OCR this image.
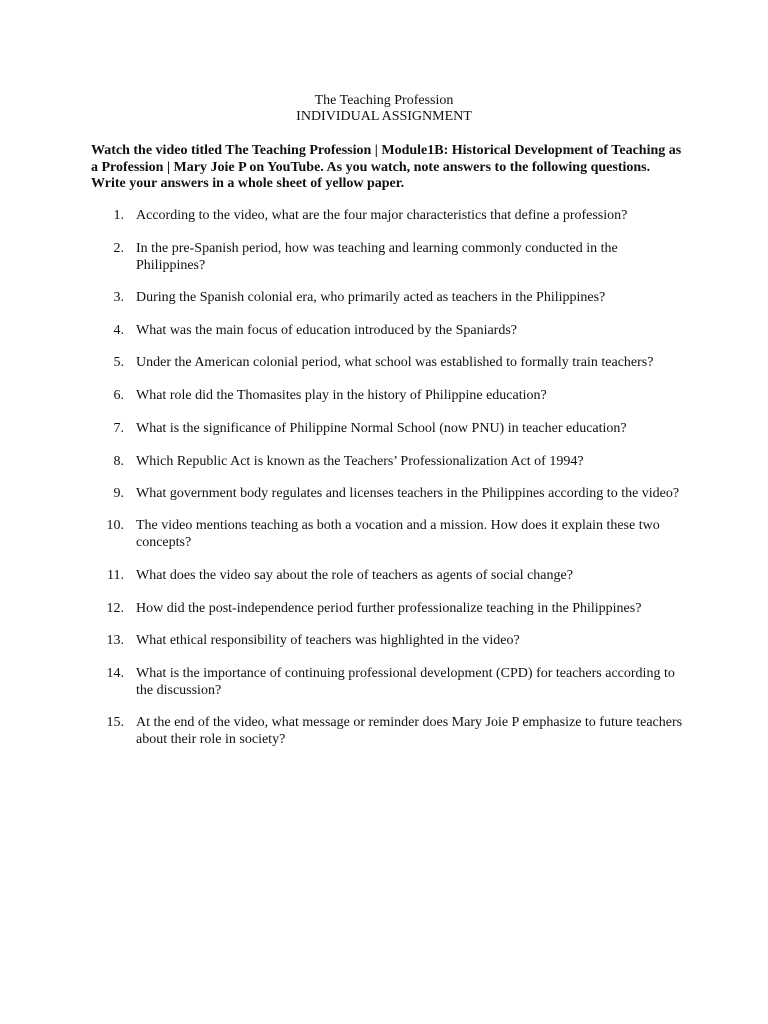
The Teaching Profession
INDIVIDUAL ASSIGNMENT
Watch the video titled The Teaching Profession | Module1B: Historical Development of Teaching as
a Profession | Mary Joie P on YouTube. As you watch, note answers to the following questions.
Write your answers in a whole sheet of yellow paper.
1. According to the video, what are the four major characteristics that define a profession?
2. In the pre-Spanish period, how was teaching and learning commonly conducted in the
Philippines?
3. During the Spanish colonial era, who primarily acted as teachers in the Philippines?
4. What was the main focus of education introduced by the Spaniards?
5. Under the American colonial period, what school was established to formally train teachers?
6. What role did the Thomasites play in the history of Philippine education?
7. What is the significance of Philippine Normal School (now PNU) in teacher education?
8. Which Republic Act is known as the Teachers’ Professionalization Act of 1994?
9. What government body regulates and licenses teachers in the Philippines according to the video?
10. The video mentions teaching as both a vocation and a mission. How does it explain these two
concepts?
11. What does the video say about the role of teachers as agents of social change?
12. How did the post-independence period further professionalize teaching in the Philippines?
13. What ethical responsibility of teachers was highlighted in the video?
14. What is the importance of continuing professional development (CPD) for teachers according to
the discussion?
15. At the end of the video, what message or reminder does Mary Joie P emphasize to future teachers
about their role in society?
